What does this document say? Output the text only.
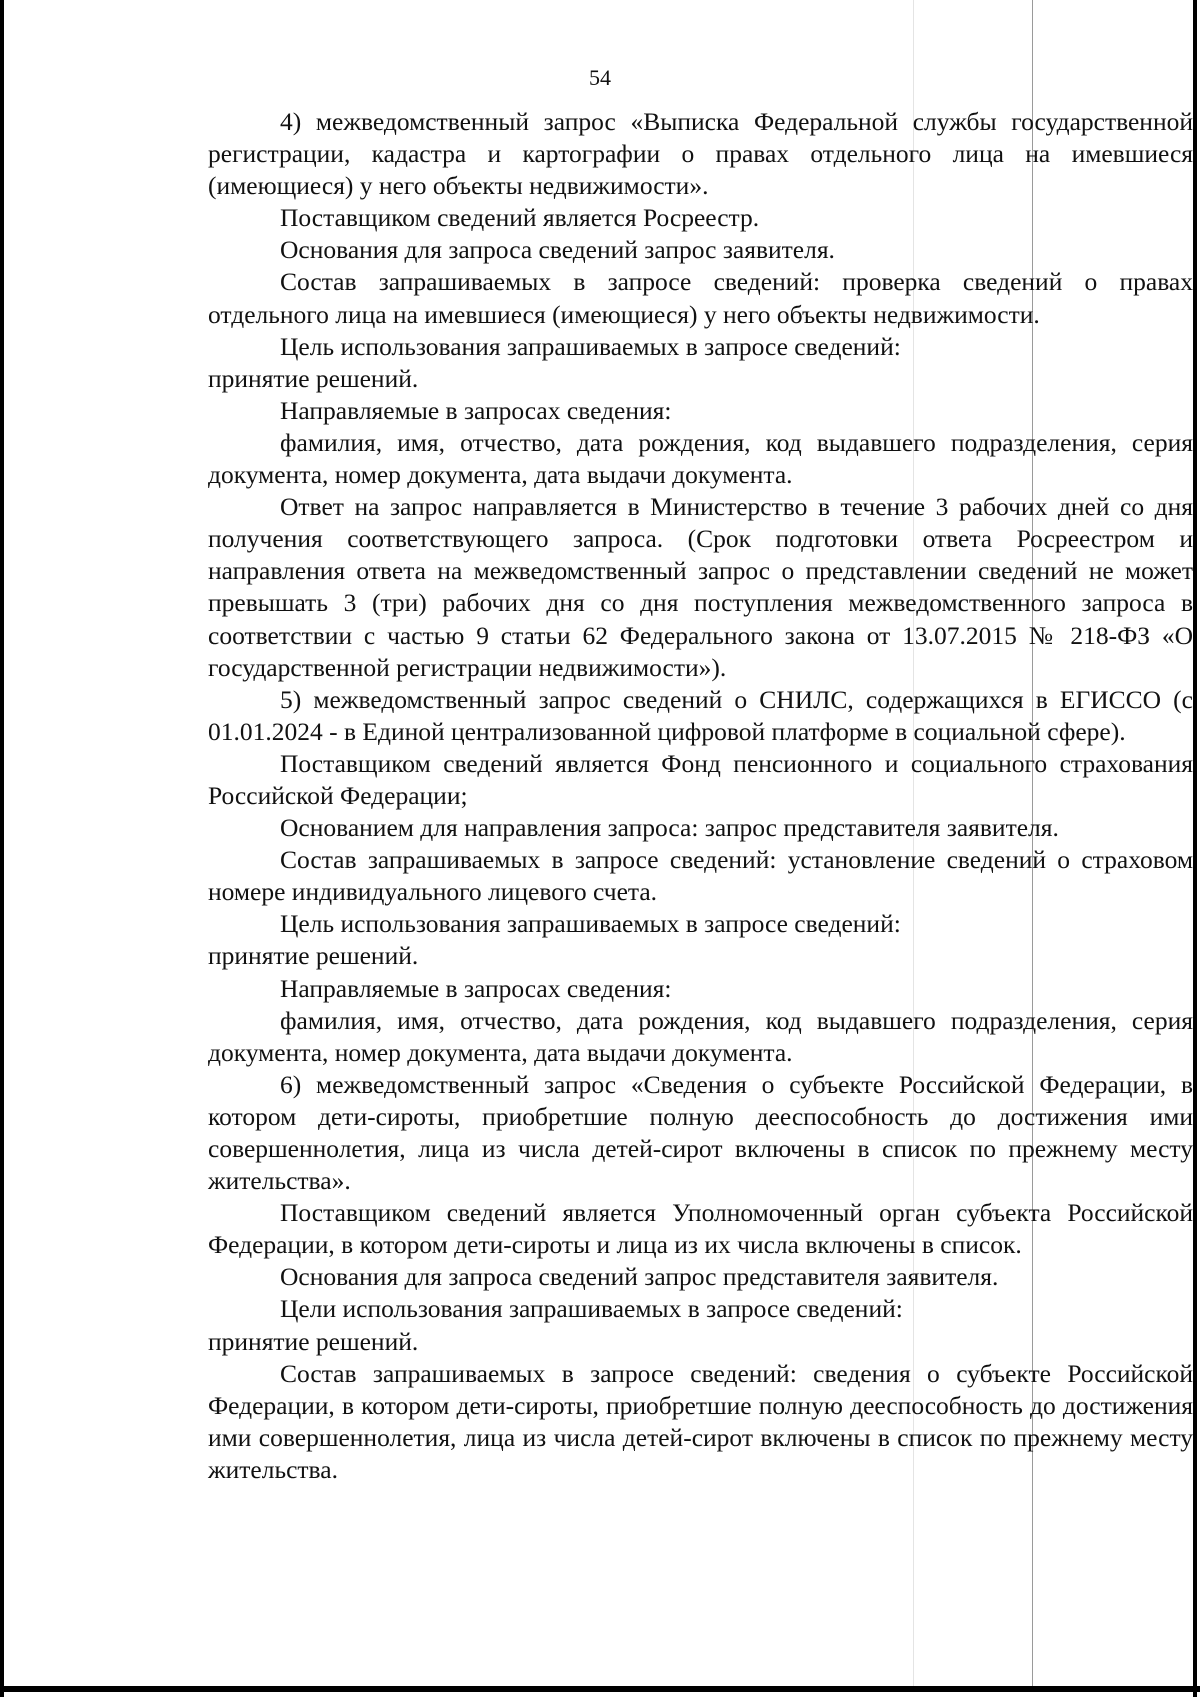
54

4) межведомственный запрос «Выписка Федеральной службы государственной регистрации, кадастра и картографии о правах отдельного лица на имевшиеся (имеющиеся) у него объекты недвижимости».

Поставщиком сведений является Росреестр.

Основания для запроса сведений запрос заявителя.

Состав запрашиваемых в запросе сведений: проверка сведений о правах отдельного лица на имевшиеся (имеющиеся) у него объекты недвижимости.

Цель использования запрашиваемых в запросе сведений:

принятие решений.

Направляемые в запросах сведения:

фамилия, имя, отчество, дата рождения, код выдавшего подразделения, серия документа, номер документа, дата выдачи документа.

Ответ на запрос направляется в Министерство в течение 3 рабочих дней со дня получения соответствующего запроса. (Срок подготовки ответа Росреестром и направления ответа на межведомственный запрос о представлении сведений не может превышать 3 (три) рабочих дня со дня поступления межведомственного запроса в соответствии с частью 9 статьи 62 Федерального закона от 13.07.2015 № 218-ФЗ «О государственной регистрации недвижимости»).

5) межведомственный запрос сведений о СНИЛС, содержащихся в ЕГИССО (с 01.01.2024 - в Единой централизованной цифровой платформе в социальной сфере).

Поставщиком сведений является Фонд пенсионного и социального страхования Российской Федерации;

Основанием для направления запроса: запрос представителя заявителя.

Состав запрашиваемых в запросе сведений: установление сведений о страховом номере индивидуального лицевого счета.

Цель использования запрашиваемых в запросе сведений:

принятие решений.

Направляемые в запросах сведения:

фамилия, имя, отчество, дата рождения, код выдавшего подразделения, серия документа, номер документа, дата выдачи документа.

6) межведомственный запрос «Сведения о субъекте Российской Федерации, в котором дети-сироты, приобретшие полную дееспособность до достижения ими совершеннолетия, лица из числа детей-сирот включены в список по прежнему месту жительства».

Поставщиком сведений является Уполномоченный орган субъекта Российской Федерации, в котором дети-сироты и лица из их числа включены в список.

Основания для запроса сведений запрос представителя заявителя.

Цели использования запрашиваемых в запросе сведений:

принятие решений.

Состав запрашиваемых в запросе сведений: сведения о субъекте Российской Федерации, в котором дети-сироты, приобретшие полную дееспособность до достижения ими совершеннолетия, лица из числа детей-сирот включены в список по прежнему месту жительства.
